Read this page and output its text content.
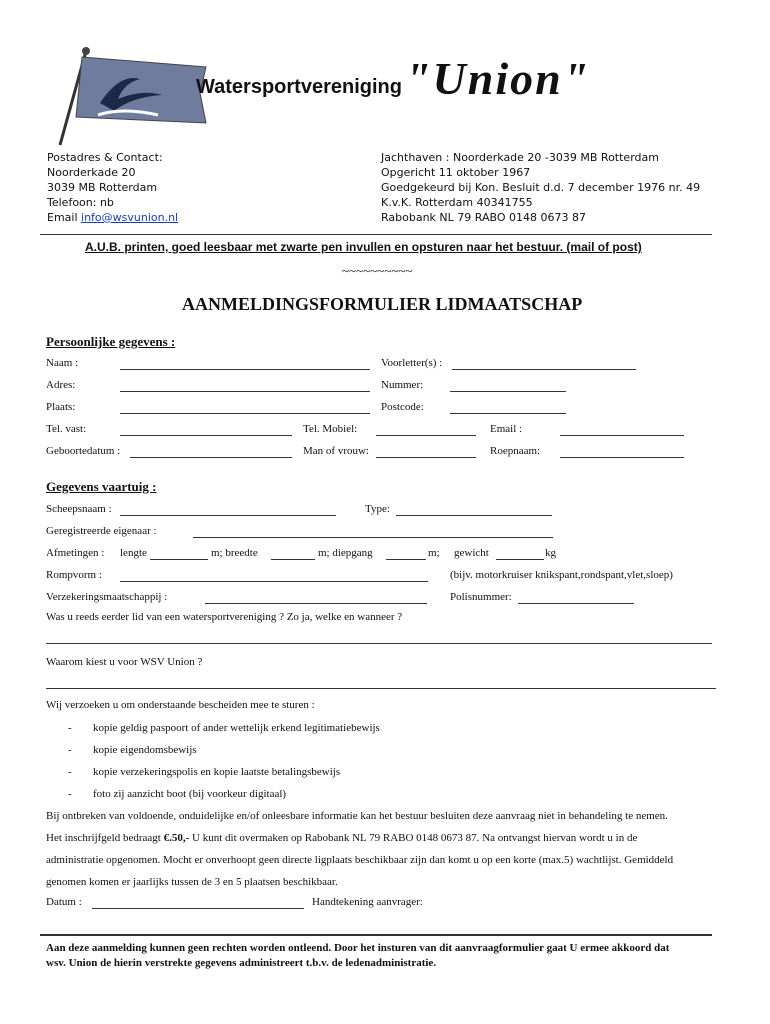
Watersportvereniging "Union"
Postadres & Contact:
Noorderkade 20
3039 MB Rotterdam
Telefoon: nb
Email info@wsvunion.nl
Jachthaven : Noorderkade 20 -3039 MB Rotterdam
Opgericht 11 oktober 1967
Goedgekeurd bij Kon. Besluit d.d. 7 december 1976 nr. 49
K.v.K. Rotterdam 40341755
Rabobank NL 79 RABO 0148 0673 87
A.U.B. printen, goed leesbaar met zwarte pen invullen en opsturen naar het bestuur. (mail of post)
~~~~~~~~~~
AANMELDINGSFORMULIER LIDMAATSCHAP
Persoonlijke gegevens :
Naam :	Voorletter(s) :
Adres:	Nummer:
Plaats:	Postcode:
Tel. vast:	Tel. Mobiel:	Email :
Geboortedatum :	Man of vrouw:	Roepnaam:
Gegevens vaartuig :
Scheepsnaam :	Type:
Geregistreerde eigenaar :
Afmetingen : lengte	m; breedte	m; diepgang	m; gewicht	kg
Rompvorm :	(bijv. motorkruiser knikspant,rondspant,vlet,sloep)
Verzekeringsmaatschappij :	Polisnummer:
Was u reeds eerder lid van een watersportvereniging ? Zo ja, welke en wanneer ?
Waarom kiest u voor WSV Union ?
Wij verzoeken u om onderstaande bescheiden mee te sturen :
- kopie geldig paspoort of ander wettelijk erkend legitimatiebewijs
- kopie eigendomsbewijs
- kopie verzekeringspolis en kopie laatste betalingsbewijs
- foto zij aanzicht boot (bij voorkeur digitaal)
Bij ontbreken van voldoende, onduidelijke en/of onleesbare informatie kan het bestuur besluiten deze aanvraag niet in behandeling te nemen.
Het inschrijfgeld bedraagt €.50,- U kunt dit overmaken op Rabobank NL 79 RABO 0148 0673 87. Na ontvangst hiervan wordt u in de
administratie opgenomen. Mocht er onverhoopt geen directe ligplaats beschikbaar zijn dan komt u op een korte (max.5) wachtlijst. Gemiddeld
genomen komen er jaarlijks tussen de 3 en 5 plaatsen beschikbaar.
Datum :	Handtekening aanvrager:
Aan deze aanmelding kunnen geen rechten worden ontleend. Door het insturen van dit aanvraagformulier gaat U ermee akkoord dat
wsv. Union de hierin verstrekte gegevens administreert t.b.v. de ledenadministratie.
